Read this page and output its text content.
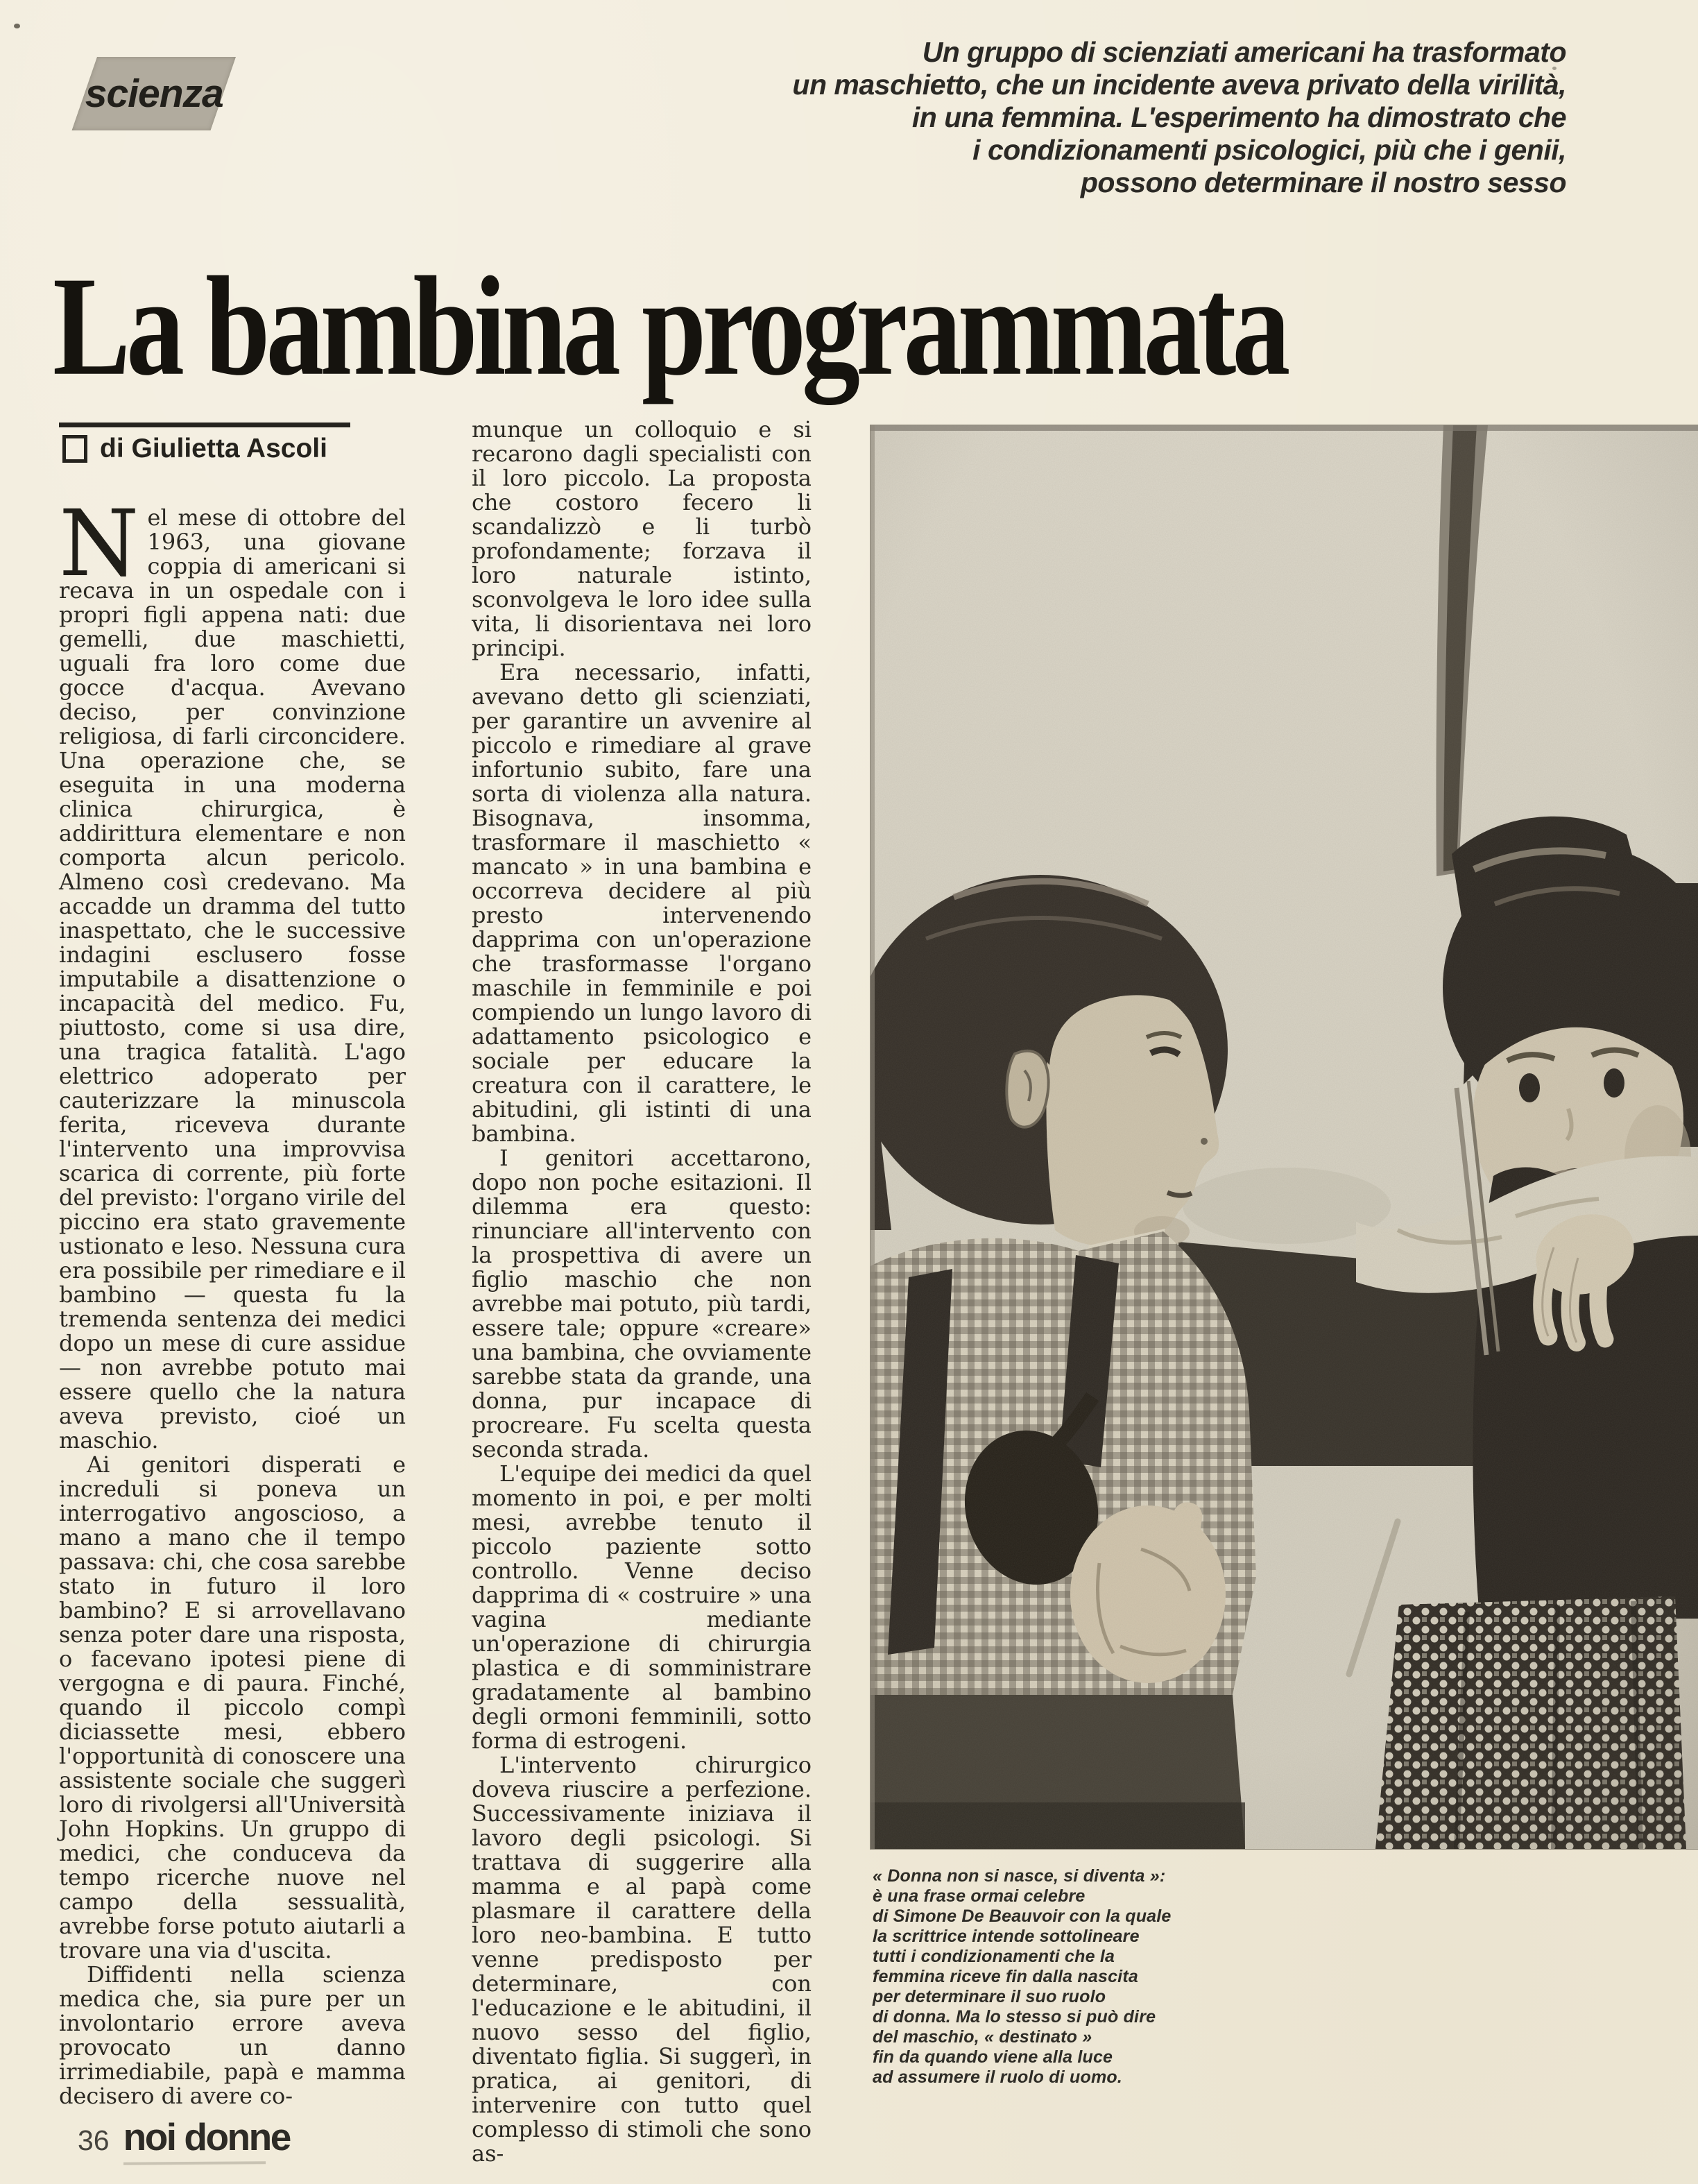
scienza
Un gruppo di scienziati americani ha trasformato
un maschietto, che un incidente aveva privato della virilità,
in una femmina. L'esperimento ha dimostrato che
i condizionamenti psicologici, più che i genii,
possono determinare il nostro sesso
La bambina programmata
di Giulietta Ascoli

Nel mese di ottobre del 1963, una giovane coppia di americani si recava in un ospedale con i propri figli appena nati: due gemelli, due maschietti, uguali fra loro come due gocce d'acqua. Avevano deciso, per convinzione religiosa, di farli circoncidere. Una operazione che, se eseguita in una moderna clinica chirurgica, è addirittura elementare e non comporta alcun pericolo. Almeno così credevano. Ma accadde un dramma del tutto inaspettato, che le successive indagini esclusero fosse imputabile a disattenzione o incapacità del medico. Fu, piuttosto, come si usa dire, una tragica fatalità. L'ago elettrico adoperato per cauterizzare la minuscola ferita, riceveva durante l'intervento una improvvisa scarica di corrente, più forte del previsto: l'organo virile del piccino era stato gravemente ustionato e leso. Nessuna cura era possibile per rimediare e il bambino — questa fu la tremenda sentenza dei medici dopo un mese di cure assidue — non avrebbe potuto mai essere quello che la natura aveva previsto, cioé un maschio.

Ai genitori disperati e increduli si poneva un interrogativo angoscioso, a mano a mano che il tempo passava: chi, che cosa sarebbe stato in futuro il loro bambino? E si arrovellavano senza poter dare una risposta, o facevano ipotesi piene di vergogna e di paura. Finché, quando il piccolo compì diciassette mesi, ebbero l'opportunità di conoscere una assistente sociale che suggerì loro di rivolgersi all'Università John Hopkins. Un gruppo di medici, che conduceva da tempo ricerche nuove nel campo della sessualità, avrebbe forse potuto aiutarli a trovare una via d'uscita.

Diffidenti nella scienza medica che, sia pure per un involontario errore aveva provocato un danno irrimediabile, papà e mamma decisero di avere co-

munque un colloquio e si recarono dagli specialisti con il loro piccolo. La proposta che costoro fecero li scandalizzò e li turbò profondamente; forzava il loro naturale istinto, sconvolgeva le loro idee sulla vita, li disorientava nei loro principi.

Era necessario, infatti, avevano detto gli scienziati, per garantire un avvenire al piccolo e rimediare al grave infortunio subito, fare una sorta di violenza alla natura. Bisognava, insomma, trasformare il maschietto « mancato » in una bambina e occorreva decidere al più presto intervenendo dapprima con un'operazione che trasformasse l'organo maschile in femminile e poi compiendo un lungo lavoro di adattamento psicologico e sociale per educare la creatura con il carattere, le abitudini, gli istinti di una bambina.

I genitori accettarono, dopo non poche esitazioni. Il dilemma era questo: rinunciare all'intervento con la prospettiva di avere un figlio maschio che non avrebbe mai potuto, più tardi, essere tale; oppure «creare» una bambina, che ovviamente sarebbe stata da grande, una donna, pur incapace di procreare. Fu scelta questa seconda strada.

L'equipe dei medici da quel momento in poi, e per molti mesi, avrebbe tenuto il piccolo paziente sotto controllo. Venne deciso dapprima di « costruire » una vagina mediante un'operazione di chirurgia plastica e di somministrare gradatamente al bambino degli ormoni femminili, sotto forma di estrogeni.

L'intervento chirurgico doveva riuscire a perfezione. Successivamente iniziava il lavoro degli psicologi. Si trattava di suggerire alla mamma e al papà come plasmare il carattere della loro neo-bambina. E tutto venne predisposto per determinare, con l'educazione e le abitudini, il nuovo sesso del figlio, diventato figlia. Si suggerì, in pratica, ai genitori, di intervenire con tutto quel complesso di stimoli che sono as-

« Donna non si nasce, si diventa »:
è una frase ormai celebre
di Simone De Beauvoir con la quale
la scrittrice intende sottolineare
tutti i condizionamenti che la
femmina riceve fin dalla nascita
per determinare il suo ruolo
di donna. Ma lo stesso si può dire
del maschio, « destinato »
fin da quando viene alla luce
ad assumere il ruolo di uomo.
36 noi donne
